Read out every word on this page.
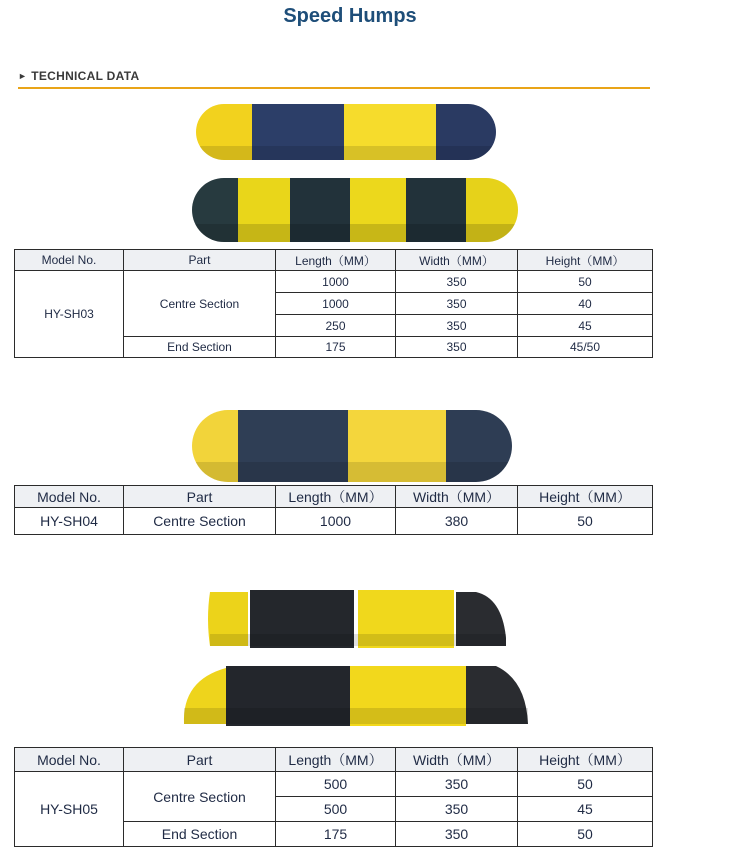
Speed Humps
► TECHNICAL DATA
Model No.	Part	Length（MM）	Width（MM）	Height（MM）
HY-SH03	Centre Section	1000	350	50
		1000	350	40
		250	350	45
	End Section	175	350	45/50
Model No.	Part	Length（MM）	Width（MM）	Height（MM）
HY-SH04	Centre Section	1000	380	50
Model No.	Part	Length（MM）	Width（MM）	Height（MM）
HY-SH05	Centre Section	500	350	50
		500	350	45
	End Section	175	350	50
